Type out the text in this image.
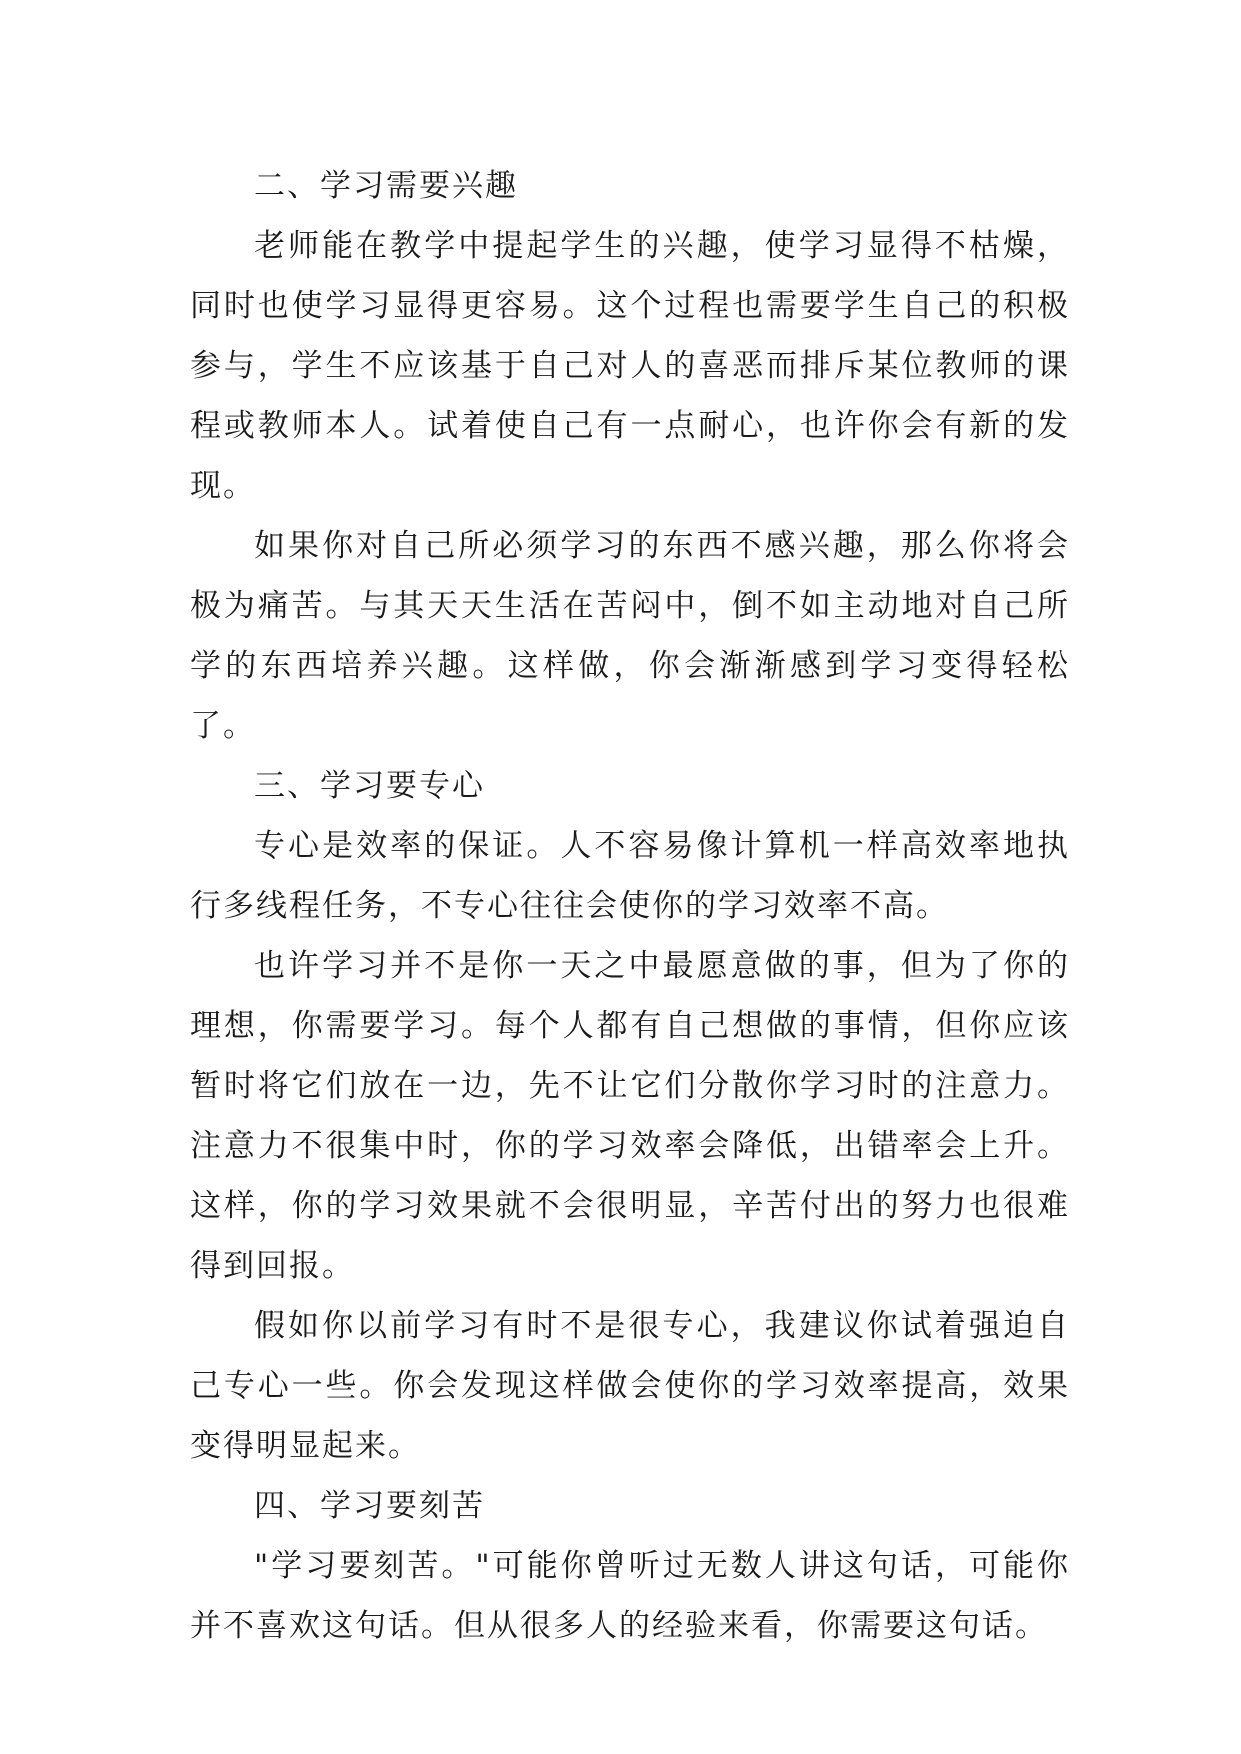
二、学习需要兴趣

老师能在教学中提起学生的兴趣，使学习显得不枯燥，同时也使学习显得更容易。这个过程也需要学生自己的积极参与，学生不应该基于自己对人的喜恶而排斥某位教师的课程或教师本人。试着使自己有一点耐心，也许你会有新的发现。

如果你对自己所必须学习的东西不感兴趣，那么你将会极为痛苦。与其天天生活在苦闷中，倒不如主动地对自己所学的东西培养兴趣。这样做，你会渐渐感到学习变得轻松了。

三、学习要专心

专心是效率的保证。人不容易像计算机一样高效率地执行多线程任务，不专心往往会使你的学习效率不高。

也许学习并不是你一天之中最愿意做的事，但为了你的理想，你需要学习。每个人都有自己想做的事情，但你应该暂时将它们放在一边，先不让它们分散你学习时的注意力。注意力不很集中时，你的学习效率会降低，出错率会上升。这样，你的学习效果就不会很明显，辛苦付出的努力也很难得到回报。

假如你以前学习有时不是很专心，我建议你试着强迫自己专心一些。你会发现这样做会使你的学习效率提高，效果变得明显起来。

四、学习要刻苦

"学习要刻苦。"可能你曾听过无数人讲这句话，可能你并不喜欢这句话。但从很多人的经验来看，你需要这句话。
